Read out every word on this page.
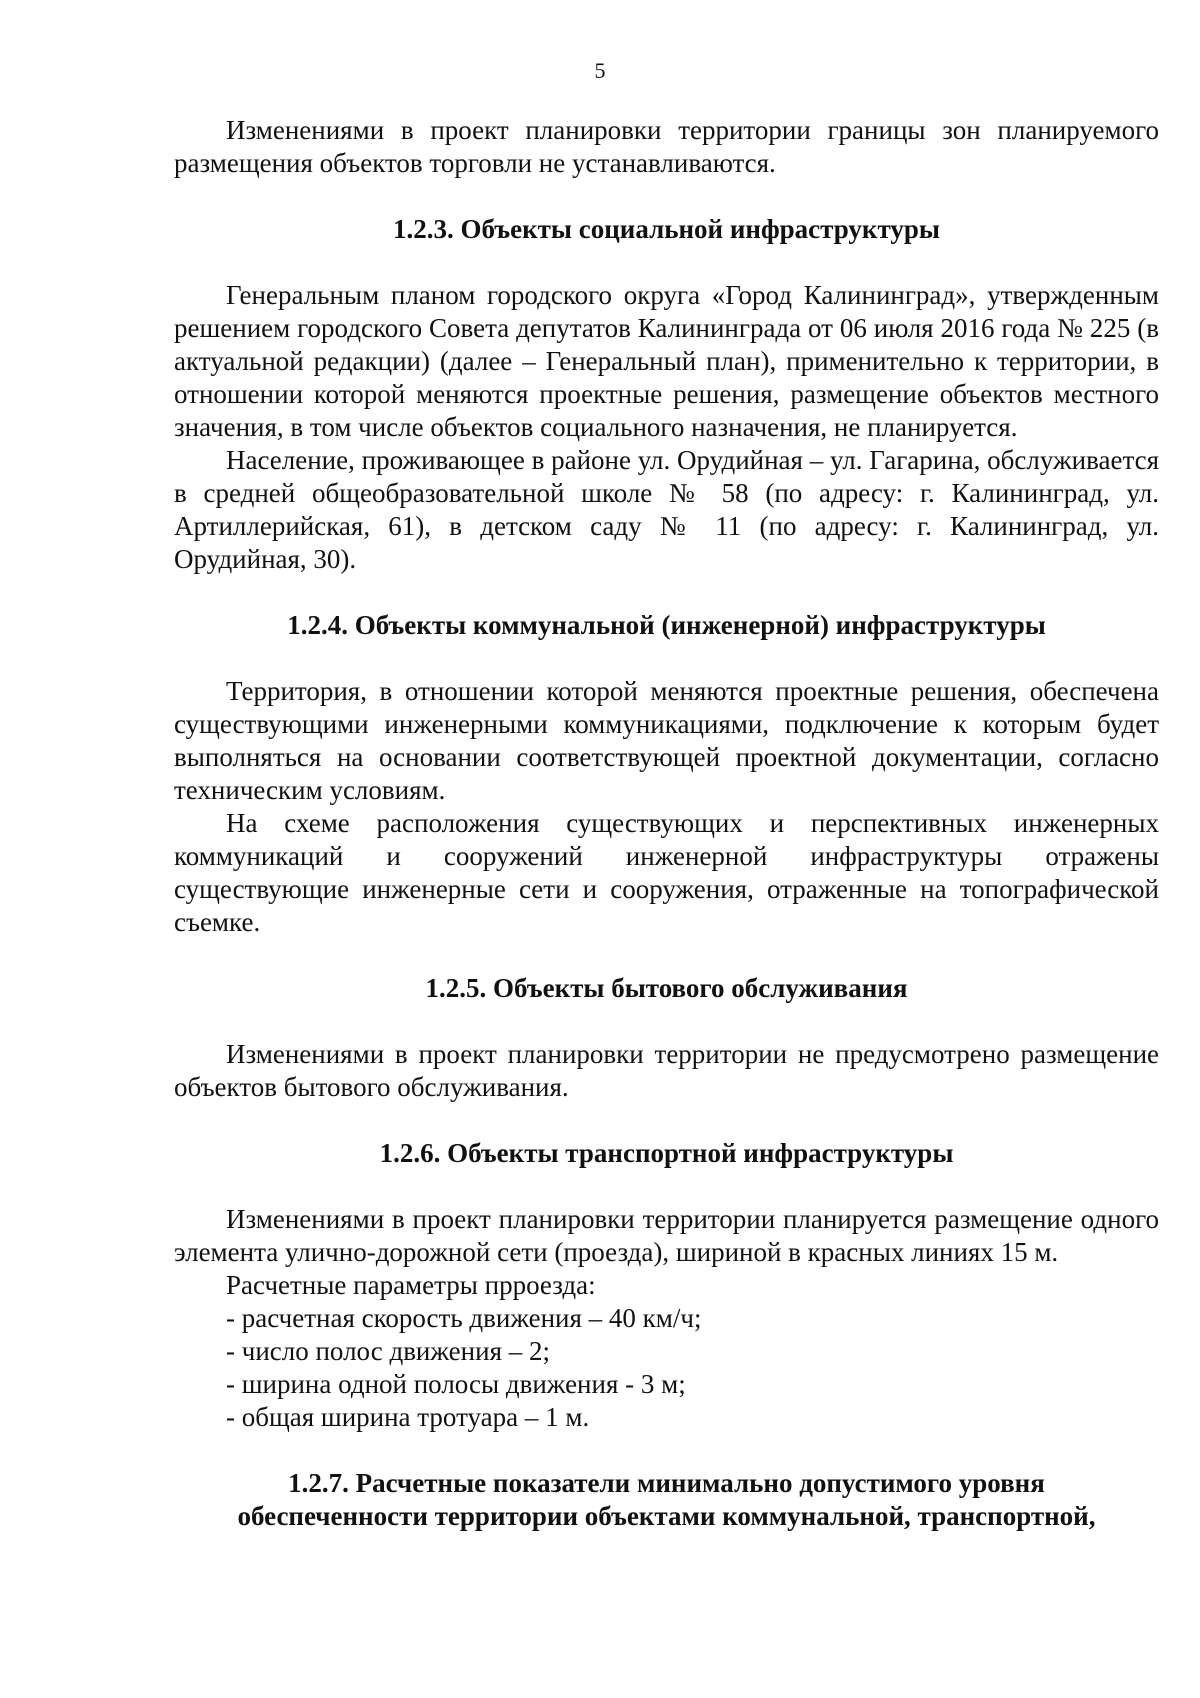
5

Изменениями в проект планировки территории границы зон планируемого размещения объектов торговли не устанавливаются.

1.2.3. Объекты социальной инфраструктуры

Генеральным планом городского округа «Город Калининград», утвержденным решением городского Совета депутатов Калининграда от 06 июля 2016 года № 225 (в актуальной редакции) (далее – Генеральный план), применительно к территории, в отношении которой меняются проектные решения, размещение объектов местного значения, в том числе объектов социального назначения, не планируется.

Население, проживающее в районе ул. Орудийная – ул. Гагарина, обслуживается в средней общеобразовательной школе № 58 (по адресу: г. Калининград, ул. Артиллерийская, 61), в детском саду № 11 (по адресу: г. Калининград, ул. Орудийная, 30).

1.2.4. Объекты коммунальной (инженерной) инфраструктуры

Территория, в отношении которой меняются проектные решения, обеспечена существующими инженерными коммуникациями, подключение к которым будет выполняться на основании соответствующей проектной документации, согласно техническим условиям.

На схеме расположения существующих и перспективных инженерных коммуникаций и сооружений инженерной инфраструктуры отражены существующие инженерные сети и сооружения, отраженные на топографической съемке.

1.2.5. Объекты бытового обслуживания

Изменениями в проект планировки территории не предусмотрено размещение объектов бытового обслуживания.

1.2.6. Объекты транспортной инфраструктуры

Изменениями в проект планировки территории планируется размещение одного элемента улично-дорожной сети (проезда), шириной в красных линиях 15 м.

Расчетные параметры прроезда:

- расчетная скорость движения – 40 км/ч;

- число полос движения – 2;

- ширина одной полосы движения - 3 м;

- общая ширина тротуара – 1 м.

1.2.7. Расчетные показатели минимально допустимого уровня
обеспеченности территории объектами коммунальной, транспортной,
